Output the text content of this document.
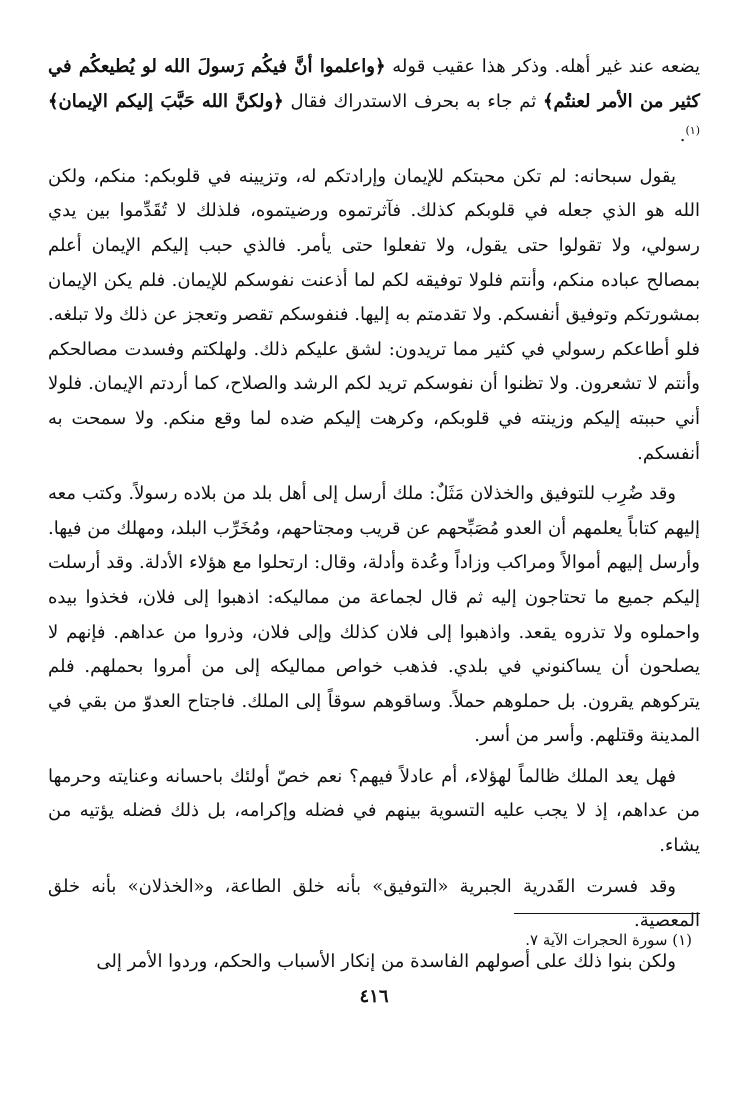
يضعه عند غير أهله. وذكر هذا عقيب قوله ﴿واعلموا أنَّ فيكُم رَسولَ الله لو يُطيعكُم في كثير من الأمر لعنتُم﴾ ثم جاء به بحرف الاستدراك فقال ﴿ولكنَّ الله حَبَّبَ إليكم الإيمان﴾$^{(١)}$.

يقول سبحانه: لم تكن محبتكم للإيمان وإرادتكم له، وتزيينه في قلوبكم: منكم، ولكن الله هو الذي جعله في قلوبكم كذلك. فآثرتموه ورضيتموه، فلذلك لا تُقَدِّموا بين يدي رسولي، ولا تقولوا حتى يقول، ولا تفعلوا حتى يأمر. فالذي حبب إليكم الإيمان أعلم بمصالح عباده منكم، وأنتم فلولا توفيقه لكم لما أذعنت نفوسكم للإيمان. فلم يكن الإيمان بمشورتكم وتوفيق أنفسكم. ولا تقدمتم به إليها. فنفوسكم تقصر وتعجز عن ذلك ولا تبلغه. فلو أطاعكم رسولي في كثير مما تريدون: لشق عليكم ذلك. ولهلكتم وفسدت مصالحكم وأنتم لا تشعرون. ولا تظنوا أن نفوسكم تريد لكم الرشد والصلاح، كما أردتم الإيمان. فلولا أني حببته إليكم وزينته في قلوبكم، وكرهت إليكم ضده لما وقع منكم. ولا سمحت به أنفسكم.

وقد ضُرِب للتوفيق والخذلان مَثَلٌ: ملك أرسل إلى أهل بلد من بلاده رسولاً. وكتب معه إليهم كتاباً يعلمهم أن العدو مُصَبِّحهم عن قريب ومجتاحهم، ومُخَرِّب البلد، ومهلك من فيها. وأرسل إليهم أموالاً ومراكب وزاداً وعُدة وأدلة، وقال: ارتحلوا مع هؤلاء الأدلة. وقد أرسلت إليكم جميع ما تحتاجون إليه ثم قال لجماعة من مماليكه: اذهبوا إلى فلان، فخذوا بيده واحملوه ولا تذروه يقعد. واذهبوا إلى فلان كذلك وإلى فلان، وذروا من عداهم. فإنهم لا يصلحون أن يساكنوني في بلدي. فذهب خواص مماليكه إلى من أمروا بحملهم. فلم يتركوهم يقرون. بل حملوهم حملاً. وساقوهم سوقاً إلى الملك. فاجتاح العدوّ من بقي في المدينة وقتلهم. وأسر من أسر.

فهل يعد الملك ظالماً لهؤلاء، أم عادلاً فيهم؟ نعم خصّ أولئك باحسانه وعنايته وحرمها من عداهم، إذ لا يجب عليه التسوية بينهم في فضله وإكرامه، بل ذلك فضله يؤتيه من يشاء.

وقد فسرت القَدرية الجبرية «التوفيق» بأنه خلق الطاعة، و«الخذلان» بأنه خلق المعصية.

ولكن بنوا ذلك على أصولهم الفاسدة من إنكار الأسباب والحكم، وردوا الأمر إلى

(١) سورة الحجرات الآية ٧.
٤١٦
